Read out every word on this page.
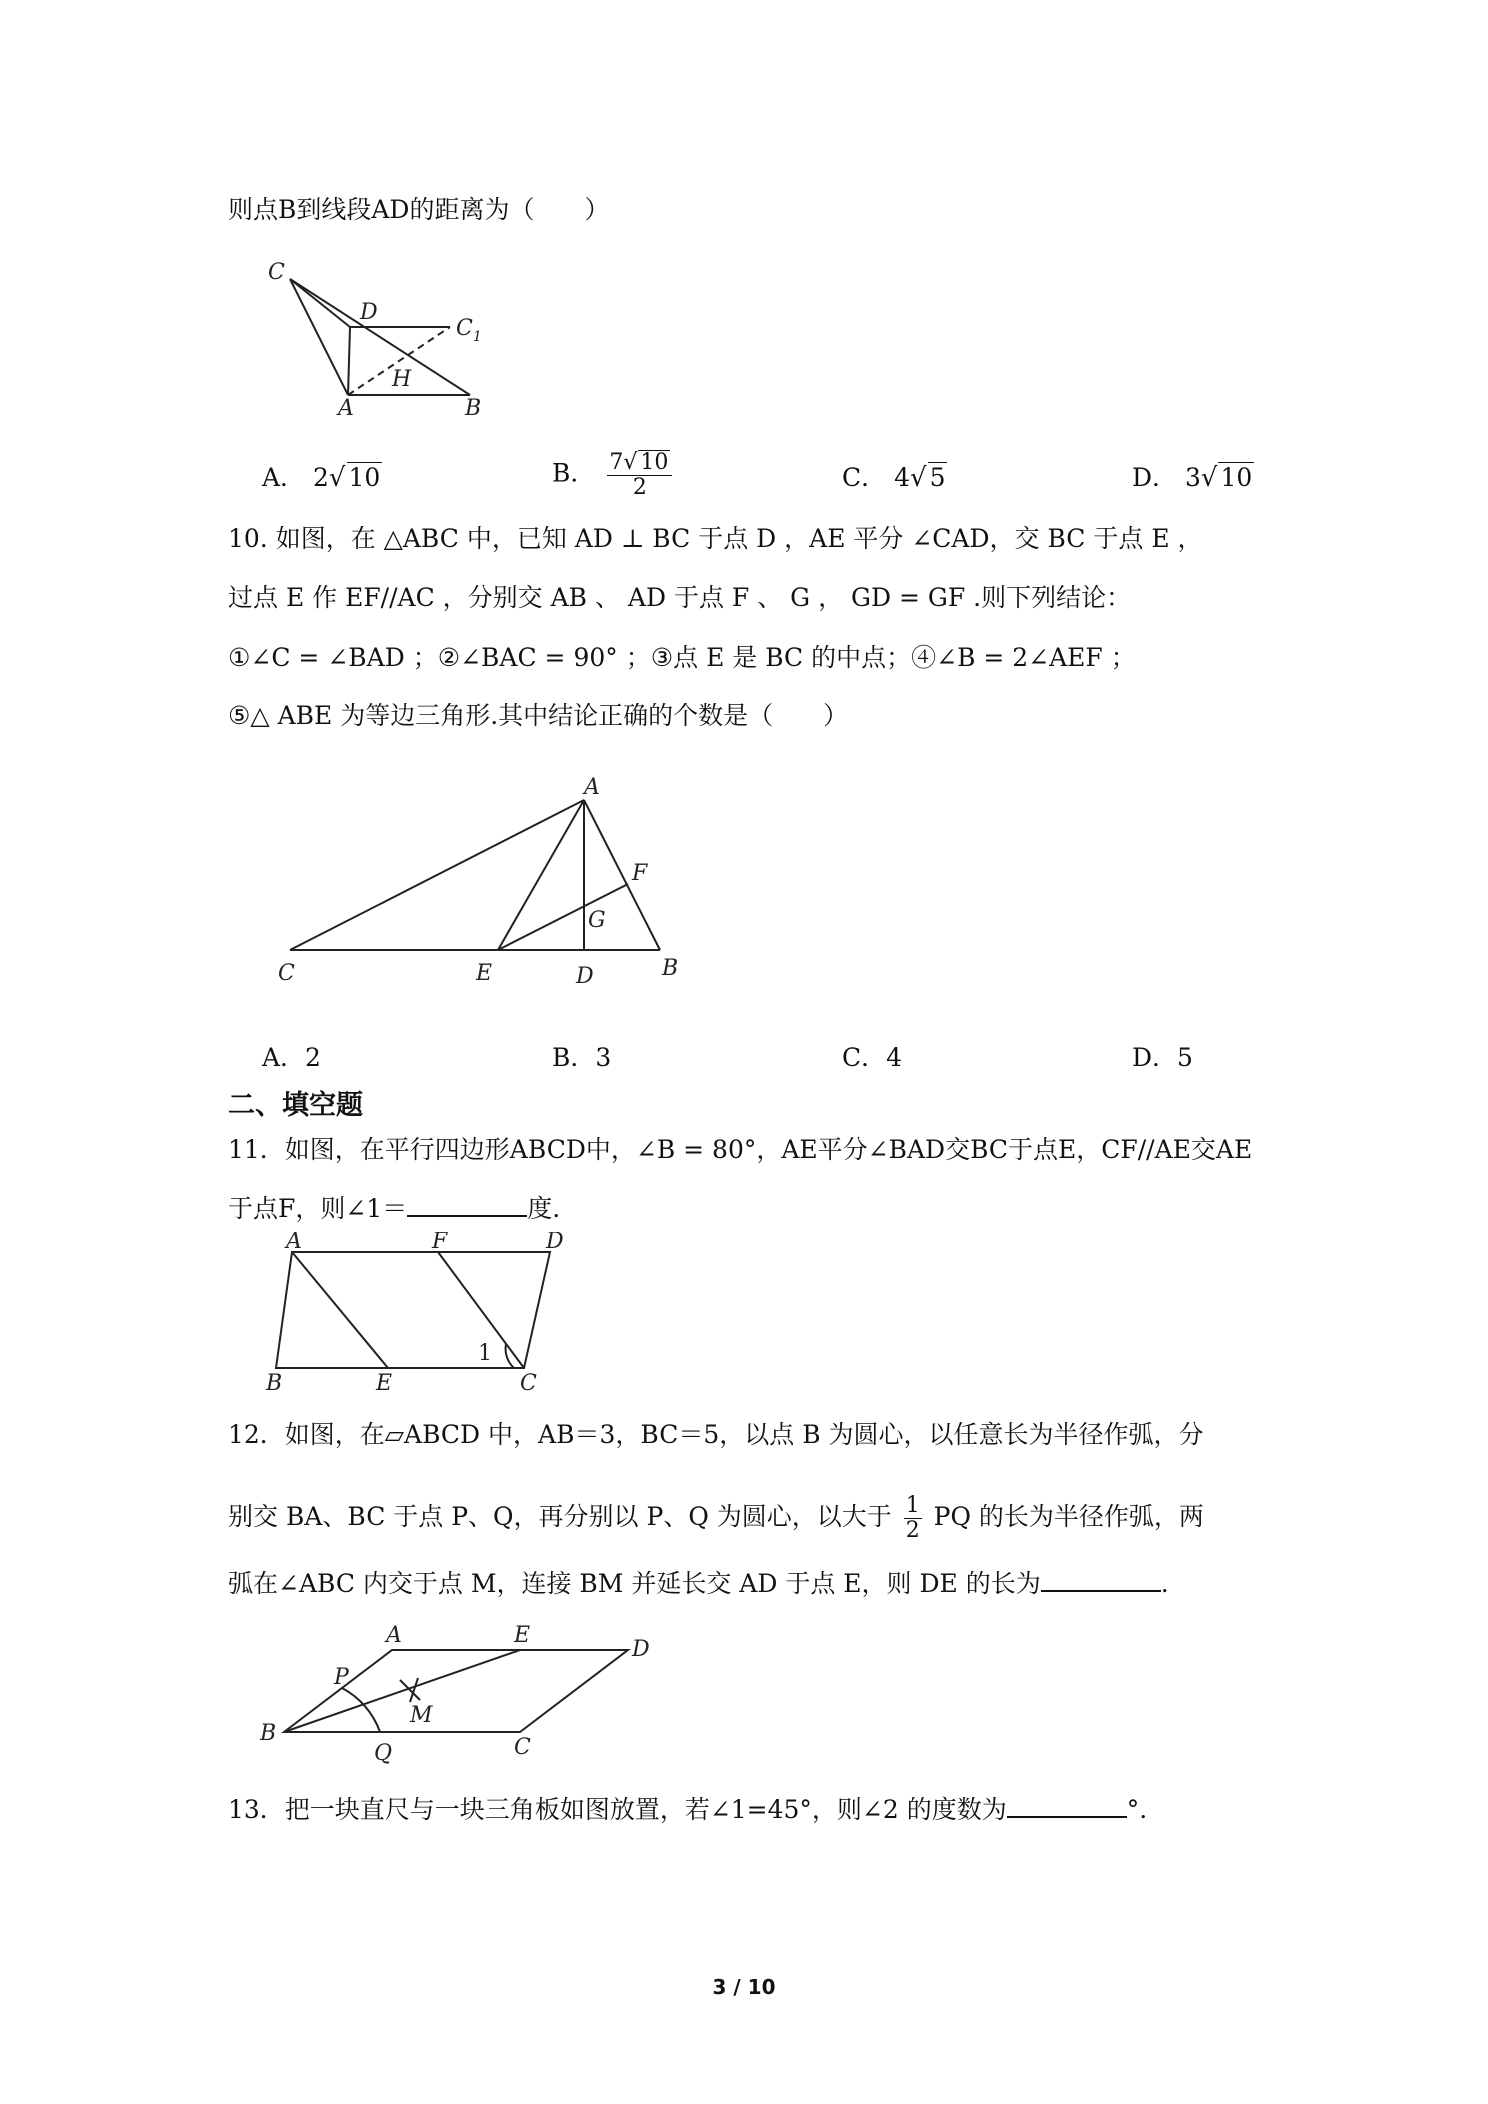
则点B到线段AD的距离为（　　）
C
D
$C_1$
H
A	B
A． 2√ 10	B． $\frac{7√ 10}{2}$	C． 4√ 5	D． 3√ 10
10. 如图，在 △ABC 中，已知 AD ⊥ BC 于点 D ，AE 平分 ∠CAD，交 BC 于点 E ，
过点 E 作 EF//AC ，分别交 AB 、 AD 于点 F 、 G ， GD = GF .则下列结论：
①∠C = ∠BAD ；②∠BAC = 90° ；③点 E 是 BC 的中点；④∠B = 2∠AEF ；
⑤△ ABE 为等边三角形.其中结论正确的个数是（　　）
A
F
G
C	E	D	B
A．2	B．3	C．4	D．5
二、填空题
11．如图，在平行四边形ABCD中，∠B = 80°，AE平分∠BAD交BC于点E，CF//AE交AE
于点F，则∠1＝	度.
A	F	D
1
B	E	C
12．如图，在▱ABCD 中，AB＝3，BC＝5，以点 B 为圆心，以任意长为半径作弧，分
别交 BA、BC 于点 P、Q，再分别以 P、Q 为圆心，以大于 $\frac{1}{2}$ PQ 的长为半径作弧，两
弧在∠ABC 内交于点 M，连接 BM 并延长交 AD 于点 E，则 DE 的长为	.
A	E
D
P
M
B
Q	C
13．把一块直尺与一块三角板如图放置，若∠1=45°，则∠2 的度数为	°.
3 / 10
